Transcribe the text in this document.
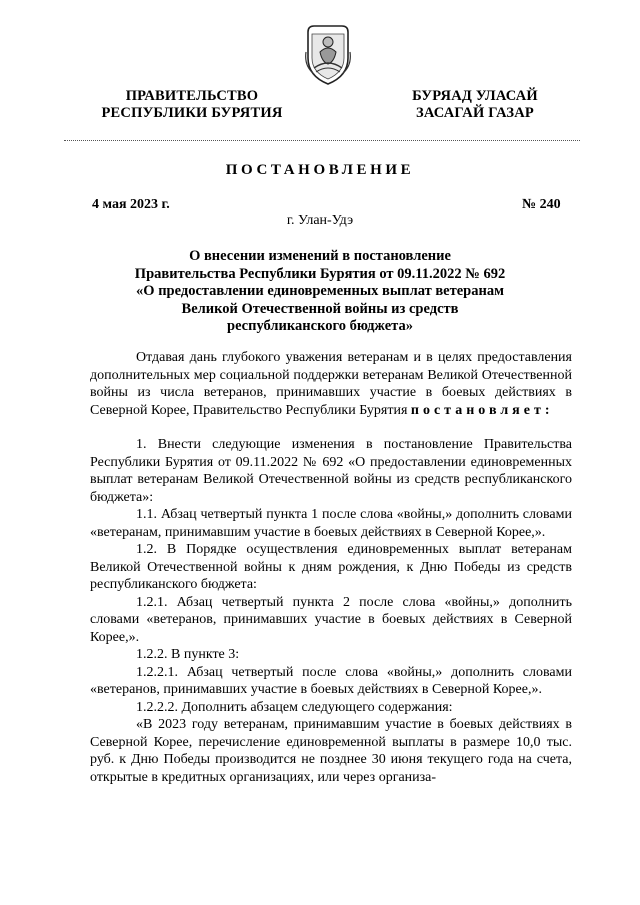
ПРАВИТЕЛЬСТВО
РЕСПУБЛИКИ БУРЯТИЯ
БУРЯАД УЛАСАЙ
ЗАСАГАЙ ГАЗАР
ПОСТАНОВЛЕНИЕ
4 мая 2023 г.	№ 240
г. Улан-Удэ
О внесении изменений в постановление
Правительства Республики Бурятия от 09.11.2022 № 692
«О предоставлении единовременных выплат ветеранам
Великой Отечественной войны из средств
республиканского бюджета»

Отдавая дань глубокого уважения ветеранам и в целях предоставления дополнительных мер социальной поддержки ветеранам Великой Отечественной войны из числа ветеранов, принимавших участие в боевых действиях в Северной Корее, Правительство Республики Бурятия постановляет:

1. Внести следующие изменения в постановление Правительства Республики Бурятия от 09.11.2022 № 692 «О предоставлении единовременных выплат ветеранам Великой Отечественной войны из средств республиканского бюджета»:

1.1. Абзац четвертый пункта 1 после слова «войны,» дополнить словами «ветеранам, принимавшим участие в боевых действиях в Северной Корее,».

1.2. В Порядке осуществления единовременных выплат ветеранам Великой Отечественной войны к дням рождения, к Дню Победы из средств республиканского бюджета:

1.2.1. Абзац четвертый пункта 2 после слова «войны,» дополнить словами «ветеранов, принимавших участие в боевых действиях в Северной Корее,».

1.2.2. В пункте 3:

1.2.2.1. Абзац четвертый после слова «войны,» дополнить словами «ветеранов, принимавших участие в боевых действиях в Северной Корее,».

1.2.2.2. Дополнить абзацем следующего содержания:

«В 2023 году ветеранам, принимавшим участие в боевых действиях в Северной Корее, перечисление единовременной выплаты в размере 10,0 тыс. руб. к Дню Победы производится не позднее 30 июня текущего года на счета, открытые в кредитных организациях, или через организа-
